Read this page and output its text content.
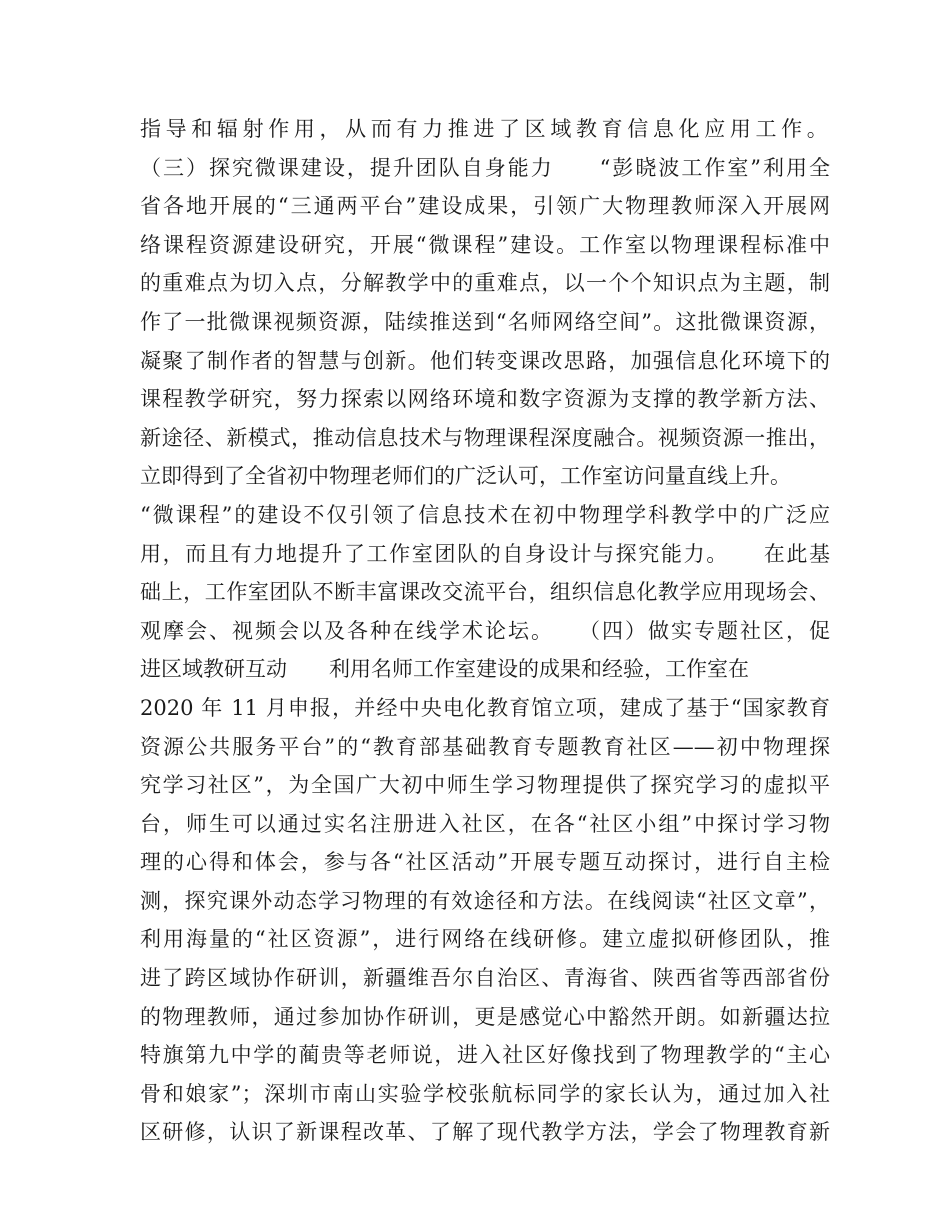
指导和辐射作用，从而有力推进了区域教育信息化应用工作。
（三）探究微课建设，提升团队自身能力　　“彭晓波工作室”利用全
省各地开展的“三通两平台”建设成果，引领广大物理教师深入开展网
络课程资源建设研究，开展“微课程”建设。工作室以物理课程标准中
的重难点为切入点，分解教学中的重难点，以一个个知识点为主题，制
作了一批微课视频资源，陆续推送到“名师网络空间”。这批微课资源，
凝聚了制作者的智慧与创新。他们转变课改思路，加强信息化环境下的
课程教学研究，努力探索以网络环境和数字资源为支撑的教学新方法、
新途径、新模式，推动信息技术与物理课程深度融合。视频资源一推出，
立即得到了全省初中物理老师们的广泛认可，工作室访问量直线上升。
“微课程”的建设不仅引领了信息技术在初中物理学科教学中的广泛应
用，而且有力地提升了工作室团队的自身设计与探究能力。　　在此基
础上，工作室团队不断丰富课改交流平台，组织信息化教学应用现场会、
观摩会、视频会以及各种在线学术论坛。　　（四）做实专题社区，促
进区域教研互动　　利用名师工作室建设的成果和经验，工作室在
2020 年 11 月申报，并经中央电化教育馆立项，建成了基于“国家教育
资源公共服务平台”的“教育部基础教育专题教育社区——初中物理探
究学习社区”，为全国广大初中师生学习物理提供了探究学习的虚拟平
台，师生可以通过实名注册进入社区，在各“社区小组”中探讨学习物
理的心得和体会，参与各“社区活动”开展专题互动探讨，进行自主检
测，探究课外动态学习物理的有效途径和方法。在线阅读“社区文章”，
利用海量的“社区资源”，进行网络在线研修。建立虚拟研修团队，推
进了跨区域协作研训，新疆维吾尔自治区、青海省、陕西省等西部省份
的物理教师，通过参加协作研训，更是感觉心中豁然开朗。如新疆达拉
特旗第九中学的蔺贵等老师说，进入社区好像找到了物理教学的“主心
骨和娘家”；深圳市南山实验学校张航标同学的家长认为，通过加入社
区研修，认识了新课程改革、了解了现代教学方法，学会了物理教育新
